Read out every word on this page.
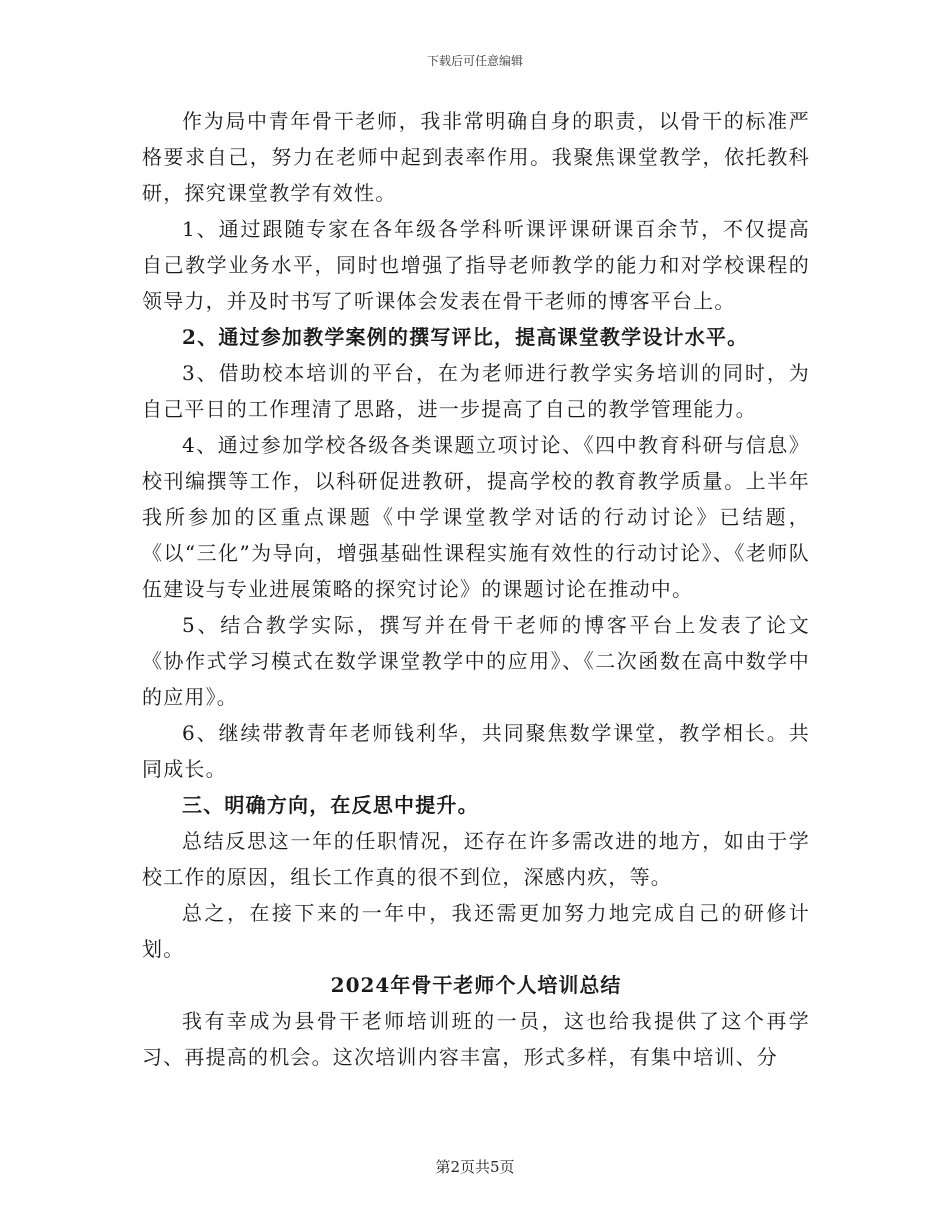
下载后可任意编辑

作为局中青年骨干老师，我非常明确自身的职责，以骨干的标准严格要求自己，努力在老师中起到表率作用。我聚焦课堂教学，依托教科研，探究课堂教学有效性。

1、通过跟随专家在各年级各学科听课评课研课百余节，不仅提高自己教学业务水平，同时也增强了指导老师教学的能力和对学校课程的领导力，并及时书写了听课体会发表在骨干老师的博客平台上。

2、通过参加教学案例的撰写评比，提高课堂教学设计水平。

3、借助校本培训的平台，在为老师进行教学实务培训的同时，为自己平日的工作理清了思路，进一步提高了自己的教学管理能力。

4、通过参加学校各级各类课题立项讨论、《四中教育科研与信息》校刊编撰等工作，以科研促进教研，提高学校的教育教学质量。上半年我所参加的区重点课题《中学课堂教学对话的行动讨论》已结题，《以“三化”为导向，增强基础性课程实施有效性的行动讨论》、《老师队伍建设与专业进展策略的探究讨论》的课题讨论在推动中。

5、结合教学实际，撰写并在骨干老师的博客平台上发表了论文《协作式学习模式在数学课堂教学中的应用》、《二次函数在高中数学中的应用》。

6、继续带教青年老师钱利华，共同聚焦数学课堂，教学相长。共同成长。

三、明确方向，在反思中提升。

总结反思这一年的任职情况，还存在许多需改进的地方，如由于学校工作的原因，组长工作真的很不到位，深感内疚，等。

总之，在接下来的一年中，我还需更加努力地完成自己的研修计划。

2024年骨干老师个人培训总结

我有幸成为县骨干老师培训班的一员，这也给我提供了这个再学习、再提高的机会。这次培训内容丰富，形式多样，有集中培训、分

第2页共5页
